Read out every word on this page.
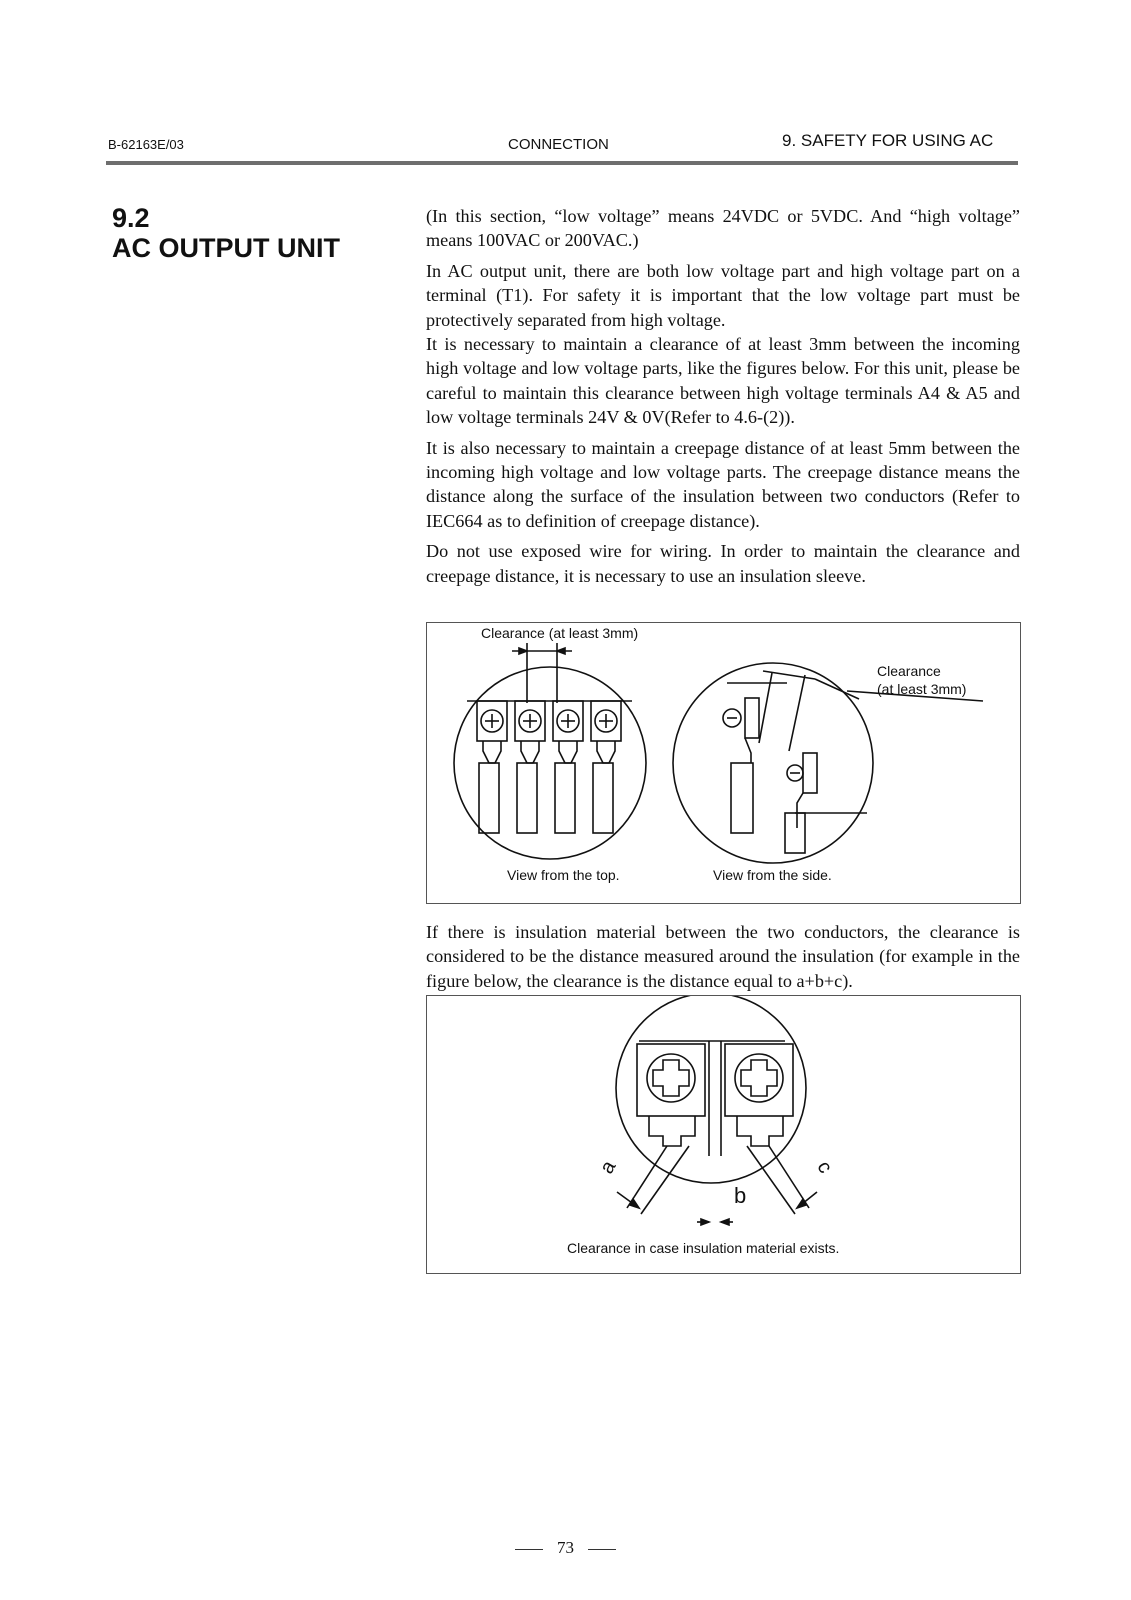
B-62163E/03	CONNECTION	9. SAFETY FOR USING AC
9.2
AC OUTPUT UNIT

(In this section, “low voltage” means 24VDC or 5VDC. And “high voltage” means 100VAC or 200VAC.)

In AC output unit, there are both low voltage part and high voltage part on a terminal (T1). For safety it is important that the low voltage part must be protectively separated from high voltage.

It is necessary to maintain a clearance of at least 3mm between the incoming high voltage and low voltage parts, like the figures below. For this unit, please be careful to maintain this clearance between high voltage terminals A4 & A5 and low voltage terminals 24V & 0V(Refer to 4.6-(2)).

It is also necessary to maintain a creepage distance of at least 5mm between the incoming high voltage and low voltage parts. The creepage distance means the distance along the surface of the insulation between two conductors (Refer to IEC664 as to definition of creepage distance).

Do not use exposed wire for wiring. In order to maintain the clearance and creepage distance, it is necessary to use an insulation sleeve.

Clearance (at least 3mm)
Clearance
(at least 3mm)
View from the top.	View from the side.

If there is insulation material between the two conductors, the clearance is considered to be the distance measured around the insulation (for example in the figure below, the clearance is the distance equal to a+b+c).

a
b
c
Clearance in case insulation material exists.
73
